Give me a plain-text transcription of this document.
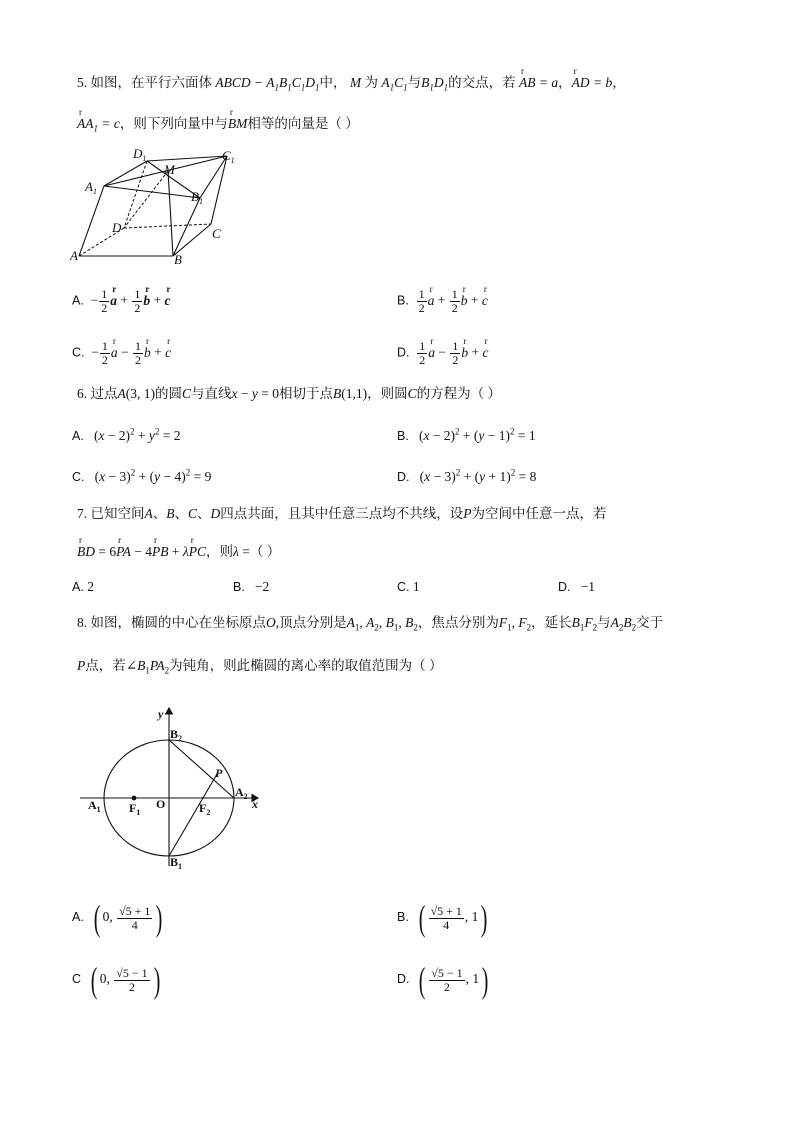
5. 如图，在平行六面体 ABCD − $A_1B_1C_1D_1$中， M 为 $A_1C_1$与$B_1D_1$的交点，若 r AB = a，r AD = b，
r $AA_1 = c$，则下列向量中与r BM相等的向量是（ ）
$D_1$	$C_1$
$A_1$	$B_1$
M
D	C
A	B
A.  − $\frac{1}{2}$ r $a + \frac{1}{2}$ r b + r c	B. $\frac{1}{2}$ r $a + \frac{1}{2}$ r b + r c
C.  − $\frac{1}{2}$ r $a - \frac{1}{2}$ r b + r c	D. $\frac{1}{2}$ r $a - \frac{1}{2}$ r b + r c
6. 过点A(3, 1)的圆C与直线x − y = 0相切于点B(1,1)，则圆C的方程为（ ）
A.   $(x - 2)^2 + y^2 = 2$	B.   $(x - 2)^2 + (y - 1)^2 = 1$
C.   $(x - 3)^2 + (y - 4)^2 = 9$	D.   $(x - 3)^2 + (y + 1)^2 = 8$
7. 已知空间A、B、C、D四点共面，且其中任意三点均不共线，设P为空间中任意一点，若
r BD = 6r PA − 4r PB + λr PC，则λ =（ ）
A. 2	B. −2	C. 1	D. −1
8. 如图，椭圆的中心在坐标原点O,顶点分别是$A_1$, $A_2$, $B_1$, $B_2$，焦点分别为$F_1$, $F_2$，延长$B_1F_2$与$A_2B_2$交于
P点，若$\angle B_1PA_2$为钝角，则此椭圆的离心率的取值范围为（ ）
y
x
O
P
$A_1$
$A_2$
$B_2$
$B_1$
$F_1$	$F_2$
A. ( 0, $\frac{√5 + 1}{4}$ )	B. ( $\frac{√5 + 1}{4}$ , 1)
C ( 0, $\frac{√5 - 1}{2}$ )	D. ( $\frac{√5 - 1}{2}$ , 1)
